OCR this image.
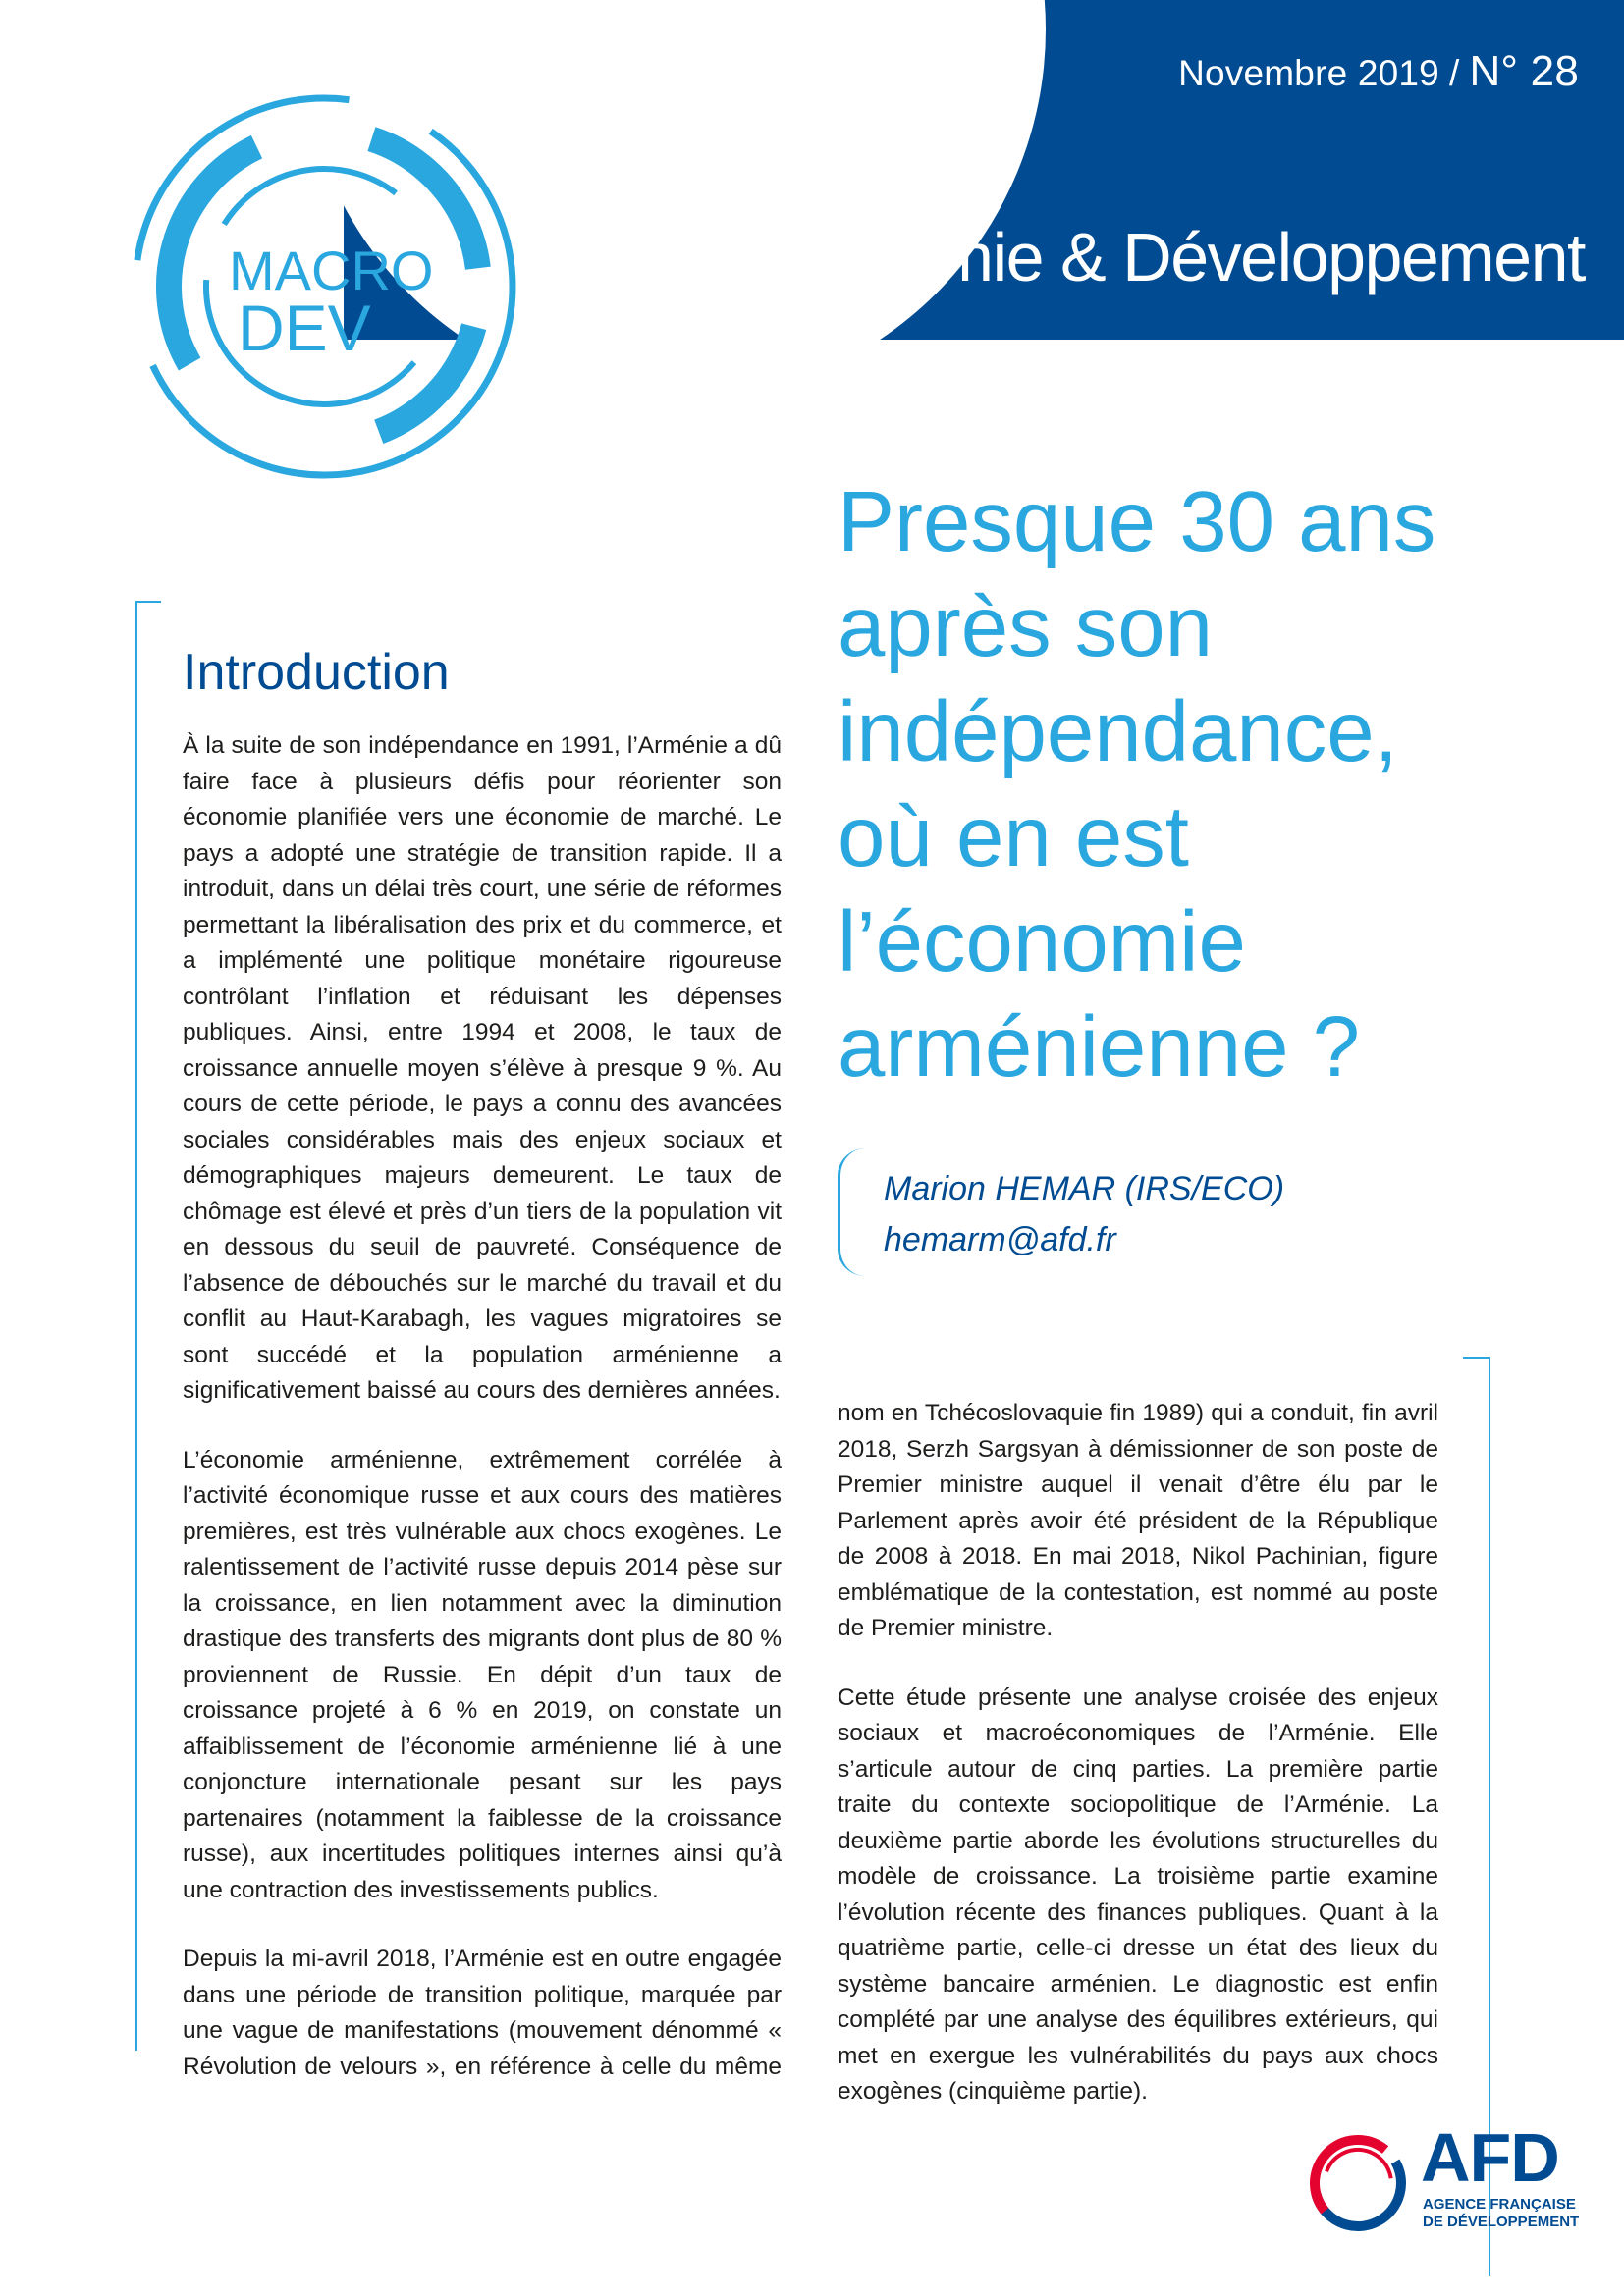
Novembre 2019 / N° 28
Macroéconomie & Développement
MACRO
DEV
Presque 30 ans
après son
indépendance,
où en est
l’économie
arménienne ?
Marion HEMAR (IRS/ECO)
hemarm@afd.fr
Introduction

À la suite de son indépendance en 1991, l’Arménie a dû faire face à plusieurs défis pour réorienter son économie planifiée vers une économie de marché. Le pays a adopté une stratégie de transition rapide. Il a introduit, dans un délai très court, une série de réformes permettant la libéralisation des prix et du commerce, et a implémenté une politique monétaire rigoureuse contrôlant l’inflation et réduisant les dépenses publiques. Ainsi, entre 1994 et 2008, le taux de croissance annuelle moyen s’élève à presque 9 %. Au cours de cette période, le pays a connu des avancées sociales considérables mais des enjeux sociaux et démographiques majeurs demeurent. Le taux de chômage est élevé et près d’un tiers de la population vit en dessous du seuil de pauvreté. Conséquence de l’absence de débouchés sur le marché du travail et du conflit au Haut-Karabagh, les vagues migratoires se sont succédé et la population arménienne a significativement baissé au cours des dernières années.

L’économie arménienne, extrêmement corrélée à l’activité économique russe et aux cours des matières premières, est très vulnérable aux chocs exogènes. Le ralentissement de l’activité russe depuis 2014 pèse sur la croissance, en lien notamment avec la diminution drastique des transferts des migrants dont plus de 80 % proviennent de Russie. En dépit d’un taux de croissance projeté à 6 % en 2019, on constate un affaiblissement de l’économie arménienne lié à une conjoncture internationale pesant sur les pays partenaires (notamment la faiblesse de la croissance russe), aux incertitudes politiques internes ainsi qu’à une contraction des investissements publics.

Depuis la mi-avril 2018, l’Arménie est en outre engagée dans une période de transition politique, marquée par une vague de manifestations (mouvement dénommé « Révolution de velours », en référence à celle du même

nom en Tchécoslovaquie fin 1989) qui a conduit, fin avril 2018, Serzh Sargsyan à démissionner de son poste de Premier ministre auquel il venait d’être élu par le Parlement après avoir été président de la République de 2008 à 2018. En mai 2018, Nikol Pachinian, figure emblématique de la contestation, est nommé au poste de Premier ministre.

Cette étude présente une analyse croisée des enjeux sociaux et macroéconomiques de l’Arménie. Elle s’articule autour de cinq parties. La première partie traite du contexte sociopolitique de l’Arménie. La deuxième partie aborde les évolutions structurelles du modèle de croissance. La troisième partie examine l’évolution récente des finances publiques. Quant à la quatrième partie, celle-ci dresse un état des lieux du système bancaire arménien. Le diagnostic est enfin complété par une analyse des équilibres extérieurs, qui met en exergue les vulnérabilités du pays aux chocs exogènes (cinquième partie).

AFD
AGENCE FRANÇAISE
DE DÉVELOPPEMENT
